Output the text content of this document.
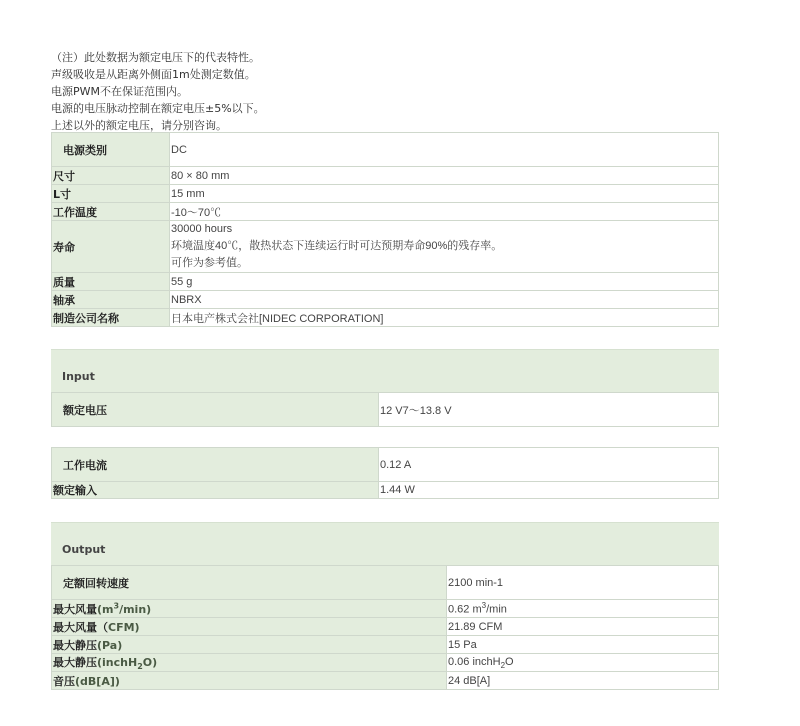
（注）此处数据为额定电压下的代表特性。
声级吸收是从距离外侧面1m处测定数值。
电源PWM不在保证范围内。
电源的电压脉动控制在额定电压±5%以下。
上述以外的额定电压，请分别咨询。
电源类别	DC
尺寸	80 × 80 mm
L寸	15 mm
工作温度	-10～70℃
寿命	30000 hours
环境温度40℃，散热状态下连续运行时可达预期寿命90%的残存率。
可作为参考值。

质量	55 g
轴承	NBRX
制造公司名称	日本电产株式会社[NIDEC CORPORATION]
Input
额定电压	12 V7～13.8 V
工作电流	0.12 A
额定输入	1.44 W
Output
定额回转速度	2100 min-1
最大风量$(m^3/\min)$	0.62 $m^3/\min$
最大风量（CFM)	21.89 CFM
最大静压(Pa)	15 Pa
最大静压(inchH$_2$O)	0.06 inchH$_2$O
音压(dB[A])	24 dB[A]
